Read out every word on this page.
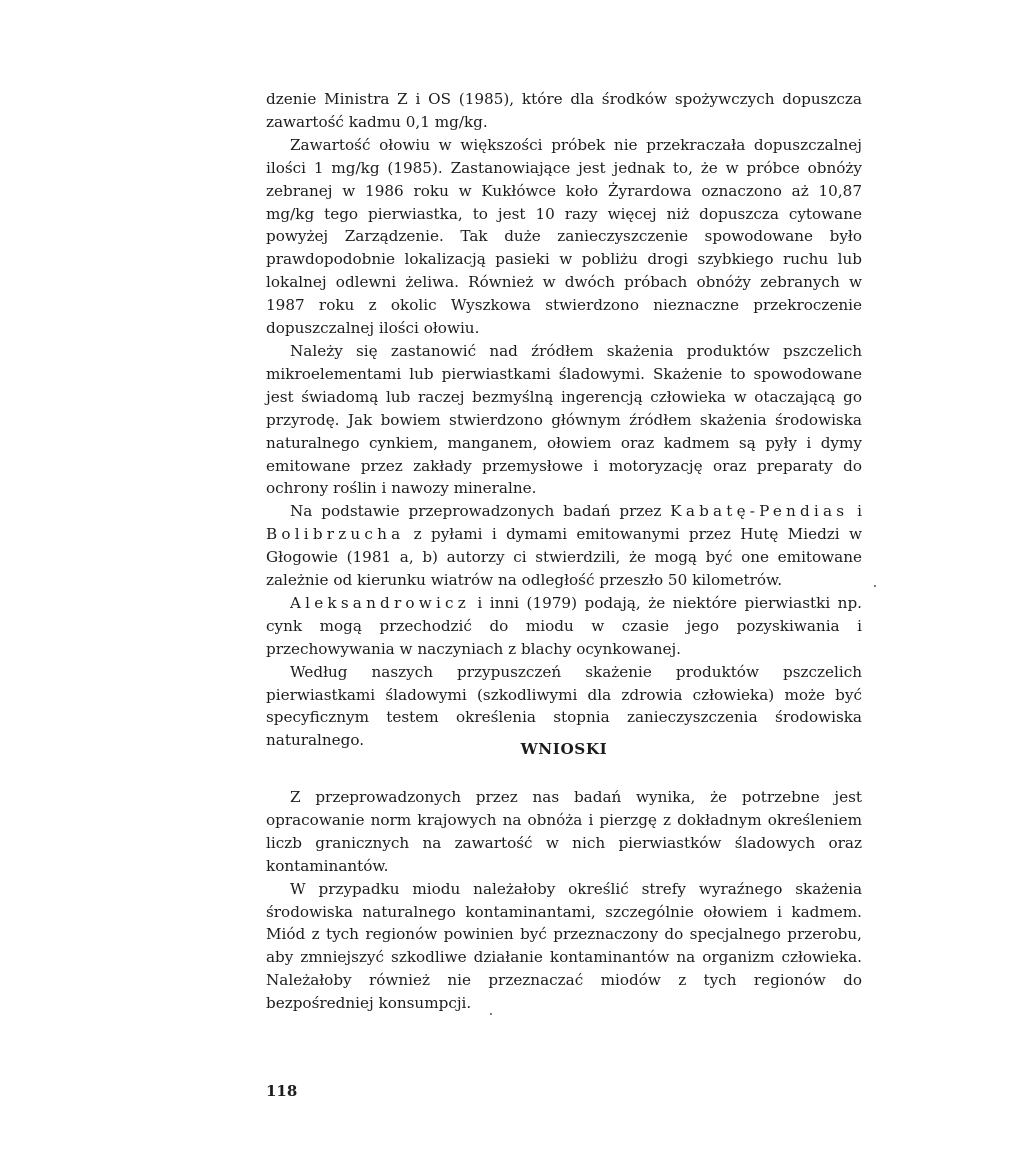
dzenie Ministra Z i OS (1985), które dla środków spożywczych dopuszcza zawartość kadmu 0,1 mg/kg.

Zawartość ołowiu w większości próbek nie przekraczała dopuszczalnej ilości 1 mg/kg (1985). Zastanowiające jest jednak to, że w próbce obnóży zebranej w 1986 roku w Kukłówce koło Żyrardowa oznaczono aż 10,87 mg/kg tego pierwiastka, to jest 10 razy więcej niż dopuszcza cytowane powyżej Zarządzenie. Tak duże zanieczyszczenie spowodowane było prawdopodobnie lokalizacją pasieki w pobliżu drogi szybkiego ruchu lub lokalnej odlewni żeliwa. Również w dwóch próbach obnóży zebranych w 1987 roku z okolic Wyszkowa stwierdzono nieznaczne przekroczenie dopuszczalnej ilości ołowiu.

Należy się zastanowić nad źródłem skażenia produktów pszczelich mikroelementami lub pierwiastkami śladowymi. Skażenie to spowodowane jest świadomą lub raczej bezmyślną ingerencją człowieka w otaczającą go przyrodę. Jak bowiem stwierdzono głównym źródłem skażenia środowiska naturalnego cynkiem, manganem, ołowiem oraz kadmem są pyły i dymy emitowane przez zakłady przemysłowe i motoryzację oraz preparaty do ochrony roślin i nawozy mineralne.

Na podstawie przeprowadzonych badań przez Kabatę-Pendias i Bolibrzucha z pyłami i dymami emitowanymi przez Hutę Miedzi w Głogowie (1981 a, b) autorzy ci stwierdzili, że mogą być one emitowane zależnie od kierunku wiatrów na odległość przeszło 50 kilometrów.

Aleksandrowicz i inni (1979) podają, że niektóre pierwiastki np. cynk mogą przechodzić do miodu w czasie jego pozyskiwania i przechowywania w naczyniach z blachy ocynkowanej.

Według naszych przypuszczeń skażenie produktów pszczelich pierwiastkami śladowymi (szkodliwymi dla zdrowia człowieka) może być specyficznym testem określenia stopnia zanieczyszczenia środowiska naturalnego.	WNIOSKI

Z przeprowadzonych przez nas badań wynika, że potrzebne jest opracowanie norm krajowych na obnóża i pierzgę z dokładnym określeniem liczb granicznych na zawartość w nich pierwiastków śladowych oraz kontaminantów.

W przypadku miodu należałoby określić strefy wyraźnego skażenia środowiska naturalnego kontaminantami, szczególnie ołowiem i kadmem. Miód z tych regionów powinien być przeznaczony do specjalnego przerobu, aby zmniejszyć szkodliwe działanie kontaminantów na organizm człowieka. Należałoby również nie przeznaczać miodów z tych regionów do bezpośredniej konsumpcji.

118
